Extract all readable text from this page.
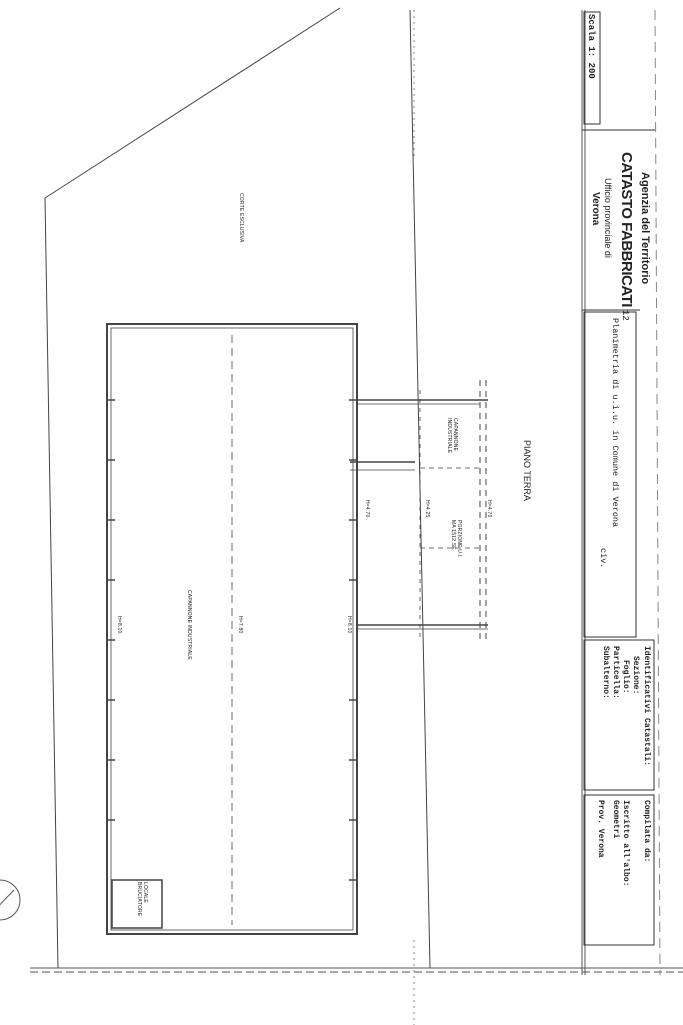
Scala 1: 200
Agenzia del Territorio
CATASTO FABBRICATI
Ufficio provinciale di
Verona
12
Planimetria di u.i.u. in Comune di Verona
civ.
Identificativi Catastali:
Sezione:
Foglio:
Particella:
Subalterno:
Compilata da:
Iscritto all'albo:
Geometri
Prov. Verona
PIANO TERRA
CORTE ESCLUSIVA
CAPANNONE INDUSTRIALE
PORZIONE U.I. MA 1512 SE
CAPANNONE INDUSTRIALE
LOCALE BRUCIATORE
H=8.10	H=7.80	H=8.10
H=4.70	H=4.70
H=4.25
